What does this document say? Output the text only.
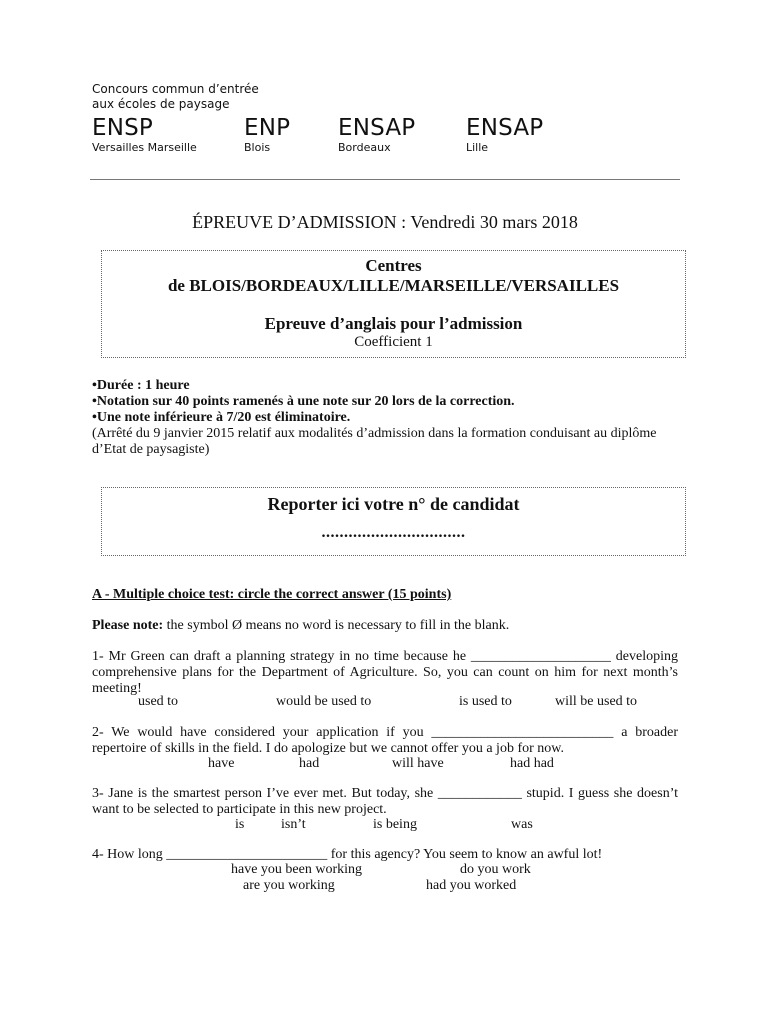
Concours commun d’entrée
aux écoles de paysage
ENSP
Versailles Marseille
ENP
Blois
ENSAP
Bordeaux
ENSAP
Lille
ÉPREUVE D’ADMISSION : Vendredi 30 mars 2018
Centres
de BLOIS/BORDEAUX/LILLE/MARSEILLE/VERSAILLES
Epreuve d’anglais pour l’admission
Coefficient 1
•Durée : 1 heure
•Notation sur 40 points ramenés à une note sur 20 lors de la correction.
•Une note inférieure à 7/20 est éliminatoire.
(Arrêté du 9 janvier 2015 relatif aux modalités d’admission dans la formation conduisant au diplôme d’Etat de paysagiste)
Reporter ici votre n° de candidat
................................
A - Multiple choice test: circle the correct answer (15 points)
Please note: the symbol Ø means no word is necessary to fill in the blank.
1- Mr Green can draft a planning strategy in no time because he ____________________ developing comprehensive plans for the Department of Agriculture. So, you can count on him for next month’s meeting!
used to	would be used to	is used to	will be used to
2- We would have considered your application if you __________________________ a broader repertoire of skills in the field. I do apologize but we cannot offer you a job for now.
have	had	will have	had had
3- Jane is the smartest person I’ve ever met. But today, she ____________ stupid. I guess she doesn’t want to be selected to participate in this new project.
is	isn’t	is being	was
4- How long _______________________ for this agency? You seem to know an awful lot!
have you been working	do you work
are you working	had you worked
